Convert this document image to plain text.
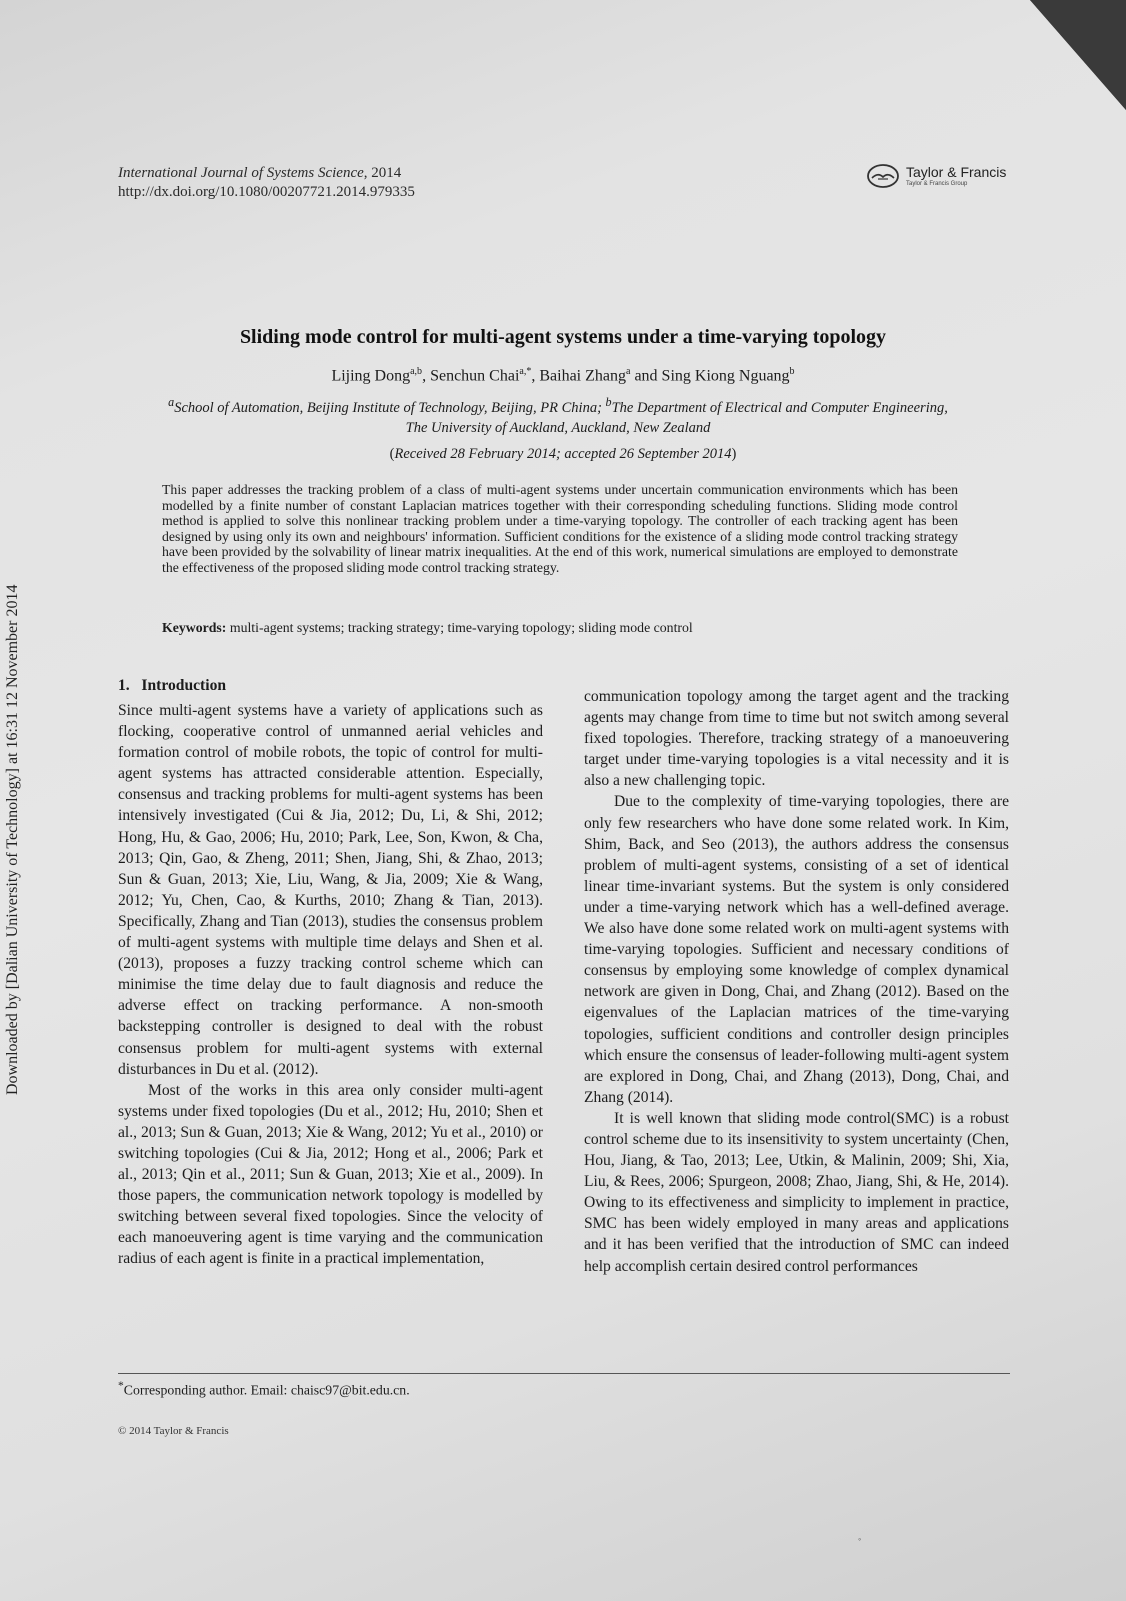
International Journal of Systems Science, 2014
http://dx.doi.org/10.1080/00207721.2014.979335
Taylor & Francis
Taylor & Francis Group
Sliding mode control for multi-agent systems under a time-varying topology
Lijing Dong$^{a,b}$, Senchun Chai$^{a,*}$, Baihai Zhang$^a$ and Sing Kiong Nguang$^b$
$^a$School of Automation, Beijing Institute of Technology, Beijing, PR China; $^b$The Department of Electrical and Computer Engineering,
The University of Auckland, Auckland, New Zealand
(Received 28 February 2014; accepted 26 September 2014)
This paper addresses the tracking problem of a class of multi-agent systems under uncertain communication environments which has been modelled by a finite number of constant Laplacian matrices together with their corresponding scheduling functions. Sliding mode control method is applied to solve this nonlinear tracking problem under a time-varying topology. The controller of each tracking agent has been designed by using only its own and neighbours' information. Sufficient conditions for the existence of a sliding mode control tracking strategy have been provided by the solvability of linear matrix inequalities. At the end of this work, numerical simulations are employed to demonstrate the effectiveness of the proposed sliding mode control tracking strategy.
Keywords: multi-agent systems; tracking strategy; time-varying topology; sliding mode control
1. Introduction

Since multi-agent systems have a variety of applications such as flocking, cooperative control of unmanned aerial vehicles and formation control of mobile robots, the topic of control for multi-agent systems has attracted considerable attention. Especially, consensus and tracking problems for multi-agent systems has been intensively investigated (Cui & Jia, 2012; Du, Li, & Shi, 2012; Hong, Hu, & Gao, 2006; Hu, 2010; Park, Lee, Son, Kwon, & Cha, 2013; Qin, Gao, & Zheng, 2011; Shen, Jiang, Shi, & Zhao, 2013; Sun & Guan, 2013; Xie, Liu, Wang, & Jia, 2009; Xie & Wang, 2012; Yu, Chen, Cao, & Kurths, 2010; Zhang & Tian, 2013). Specifically, Zhang and Tian (2013), studies the consensus problem of multi-agent systems with multiple time delays and Shen et al. (2013), proposes a fuzzy tracking control scheme which can minimise the time delay due to fault diagnosis and reduce the adverse effect on tracking performance. A non-smooth backstepping controller is designed to deal with the robust consensus problem for multi-agent systems with external disturbances in Du et al. (2012).

Most of the works in this area only consider multi-agent systems under fixed topologies (Du et al., 2012; Hu, 2010; Shen et al., 2013; Sun & Guan, 2013; Xie & Wang, 2012; Yu et al., 2010) or switching topologies (Cui & Jia, 2012; Hong et al., 2006; Park et al., 2013; Qin et al., 2011; Sun & Guan, 2013; Xie et al., 2009). In those papers, the communication network topology is modelled by switching between several fixed topologies. Since the velocity of each manoeuvering agent is time varying and the communication radius of each agent is finite in a practical implementation,

communication topology among the target agent and the tracking agents may change from time to time but not switch among several fixed topologies. Therefore, tracking strategy of a manoeuvering target under time-varying topologies is a vital necessity and it is also a new challenging topic.

Due to the complexity of time-varying topologies, there are only few researchers who have done some related work. In Kim, Shim, Back, and Seo (2013), the authors address the consensus problem of multi-agent systems, consisting of a set of identical linear time-invariant systems. But the system is only considered under a time-varying network which has a well-defined average. We also have done some related work on multi-agent systems with time-varying topologies. Sufficient and necessary conditions of consensus by employing some knowledge of complex dynamical network are given in Dong, Chai, and Zhang (2012). Based on the eigenvalues of the Laplacian matrices of the time-varying topologies, sufficient conditions and controller design principles which ensure the consensus of leader-following multi-agent system are explored in Dong, Chai, and Zhang (2013), Dong, Chai, and Zhang (2014).

It is well known that sliding mode control(SMC) is a robust control scheme due to its insensitivity to system uncertainty (Chen, Hou, Jiang, & Tao, 2013; Lee, Utkin, & Malinin, 2009; Shi, Xia, Liu, & Rees, 2006; Spurgeon, 2008; Zhao, Jiang, Shi, & He, 2014). Owing to its effectiveness and simplicity to implement in practice, SMC has been widely employed in many areas and applications and it has been verified that the introduction of SMC can indeed help accomplish certain desired control performances

*Corresponding author. Email: chaisc97@bit.edu.cn.
© 2014 Taylor & Francis
Downloaded by [Dalian University of Technology] at 16:31 12 November 2014
◦
